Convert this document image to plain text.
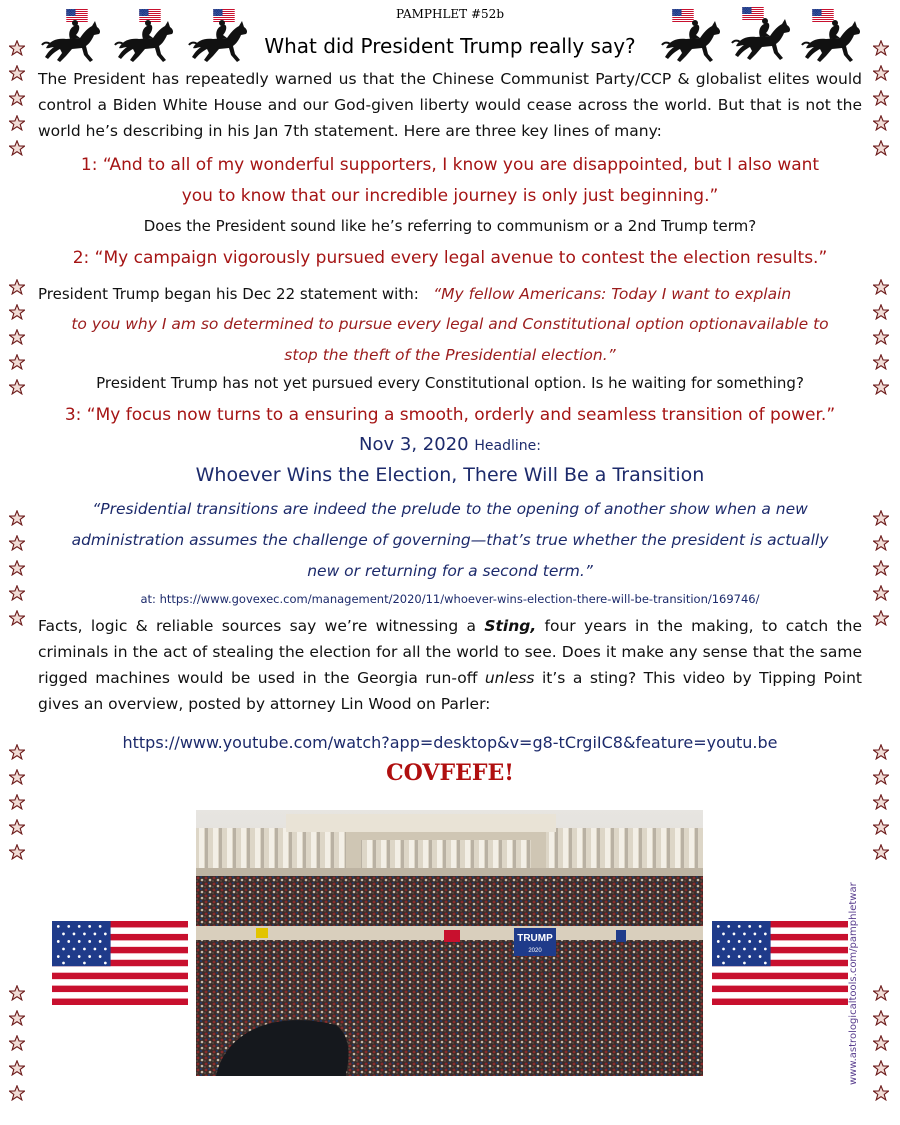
PAMPHLET #52b
What did President Trump really say?
The President has repeatedly warned us that the Chinese Communist Party/CCP & globalist elites would control a Biden White House and our God-given liberty would cease across the world. But that is not the world he’s describing in his Jan 7th statement. Here are three key lines of many:
1: “And to all of my wonderful supporters, I know you are disappointed, but I also want
you to know that our incredible journey is only just beginning.”
Does the President sound like he’s referring to communism or a 2nd Trump term?
2: “My campaign vigorously pursued every legal avenue to contest the election results.”
President Trump began his Dec 22 statement with: “My fellow Americans: Today I want to explain
to you why I am so determined to pursue every legal and Constitutional option optionavailable to
stop the theft of the Presidential election.”
President Trump has not yet pursued every Constitutional option. Is he waiting for something?
3: “My focus now turns to a ensuring a smooth, orderly and seamless transition of power.”
Nov 3, 2020 Headline:
Whoever Wins the Election, There Will Be a Transition
“Presidential transitions are indeed the prelude to the opening of another show when a new
administration assumes the challenge of governing—that’s true whether the president is actually
new or returning for a second term.”
at: https://www.govexec.com/management/2020/11/whoever-wins-election-there-will-be-transition/169746/
Facts, logic & reliable sources say we’re witnessing a Sting, four years in the making, to catch the criminals in the act of stealing the election for all the world to see. Does it make any sense that the same rigged machines would be used in the Georgia run-off unless it’s a sting? This video by Tipping Point gives an overview, posted by attorney Lin Wood on Parler:
https://www.youtube.com/watch?app=desktop&v=g8-tCrgiIC8&feature=youtu.be
COVFEFE!
TRUMP
2020	www.astrologicaltools.com/pamphletwar
